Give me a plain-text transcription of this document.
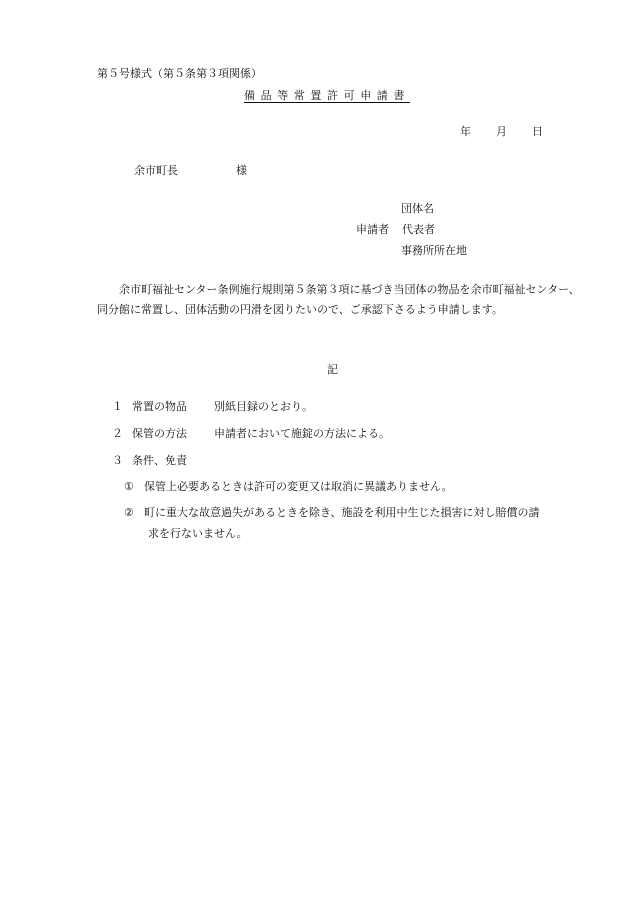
第５号様式（第５条第３項関係）
備品等常置許可申請書
年 月 日
余市町長	様
団体名
申請者 代表者
事務所所在地
余市町福祉センター条例施行規則第５条第３項に基づき当団体の物品を余市町福祉センター、同分館に常置し、団体活動の円滑を図りたいので、ご承認下さるよう申請します。
記
１ 常置の物品 別紙目録のとおり。
２ 保管の方法 申請者において施錠の方法による。
３ 条件、免責
① 保管上必要あるときは許可の変更又は取消に異議ありません。
② 町に重大な故意過失があるときを除き、施設を利用中生じた損害に対し賠償の請
求を行ないません。
